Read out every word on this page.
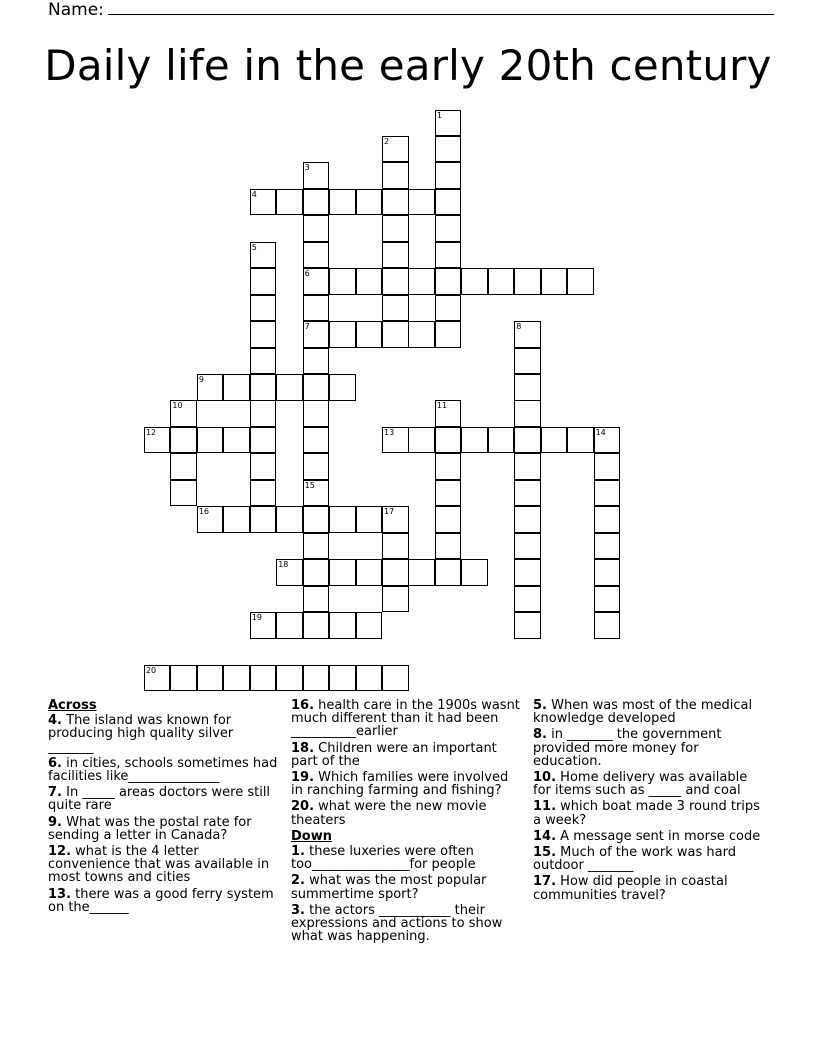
Name:
Daily life in the early 20th century
1
2
3
6
7
4
5
8
9
10	11
12	13	14
15
16	17
18
19
20
Across
4. The island was known for producing high quality silver _______
6. in cities, schools sometimes had facilities like______________
7. In _____ areas doctors were still quite rare
9. What was the postal rate for sending a letter in Canada?
12. what is the 4 letter convenience that was available in most towns and cities
13. there was a good ferry system on the______
16. health care in the 1900s wasnt much different than it had been __________earlier
18. Children were an important part of the
19. Which families were involved in ranching farming and fishing?
20. what were the new movie theaters
Down
1. these luxeries were often too_______________for people
2. what was the most popular summertime sport?
3. the actors ___________ their expressions and actions to show what was happening.
5. When was most of the medical knowledge developed
8. in _______ the government provided more money for education.
10. Home delivery was available for items such as _____ and coal
11. which boat made 3 round trips a week?
14. A message sent in morse code
15. Much of the work was hard outdoor _______
17. How did people in coastal communities travel?
